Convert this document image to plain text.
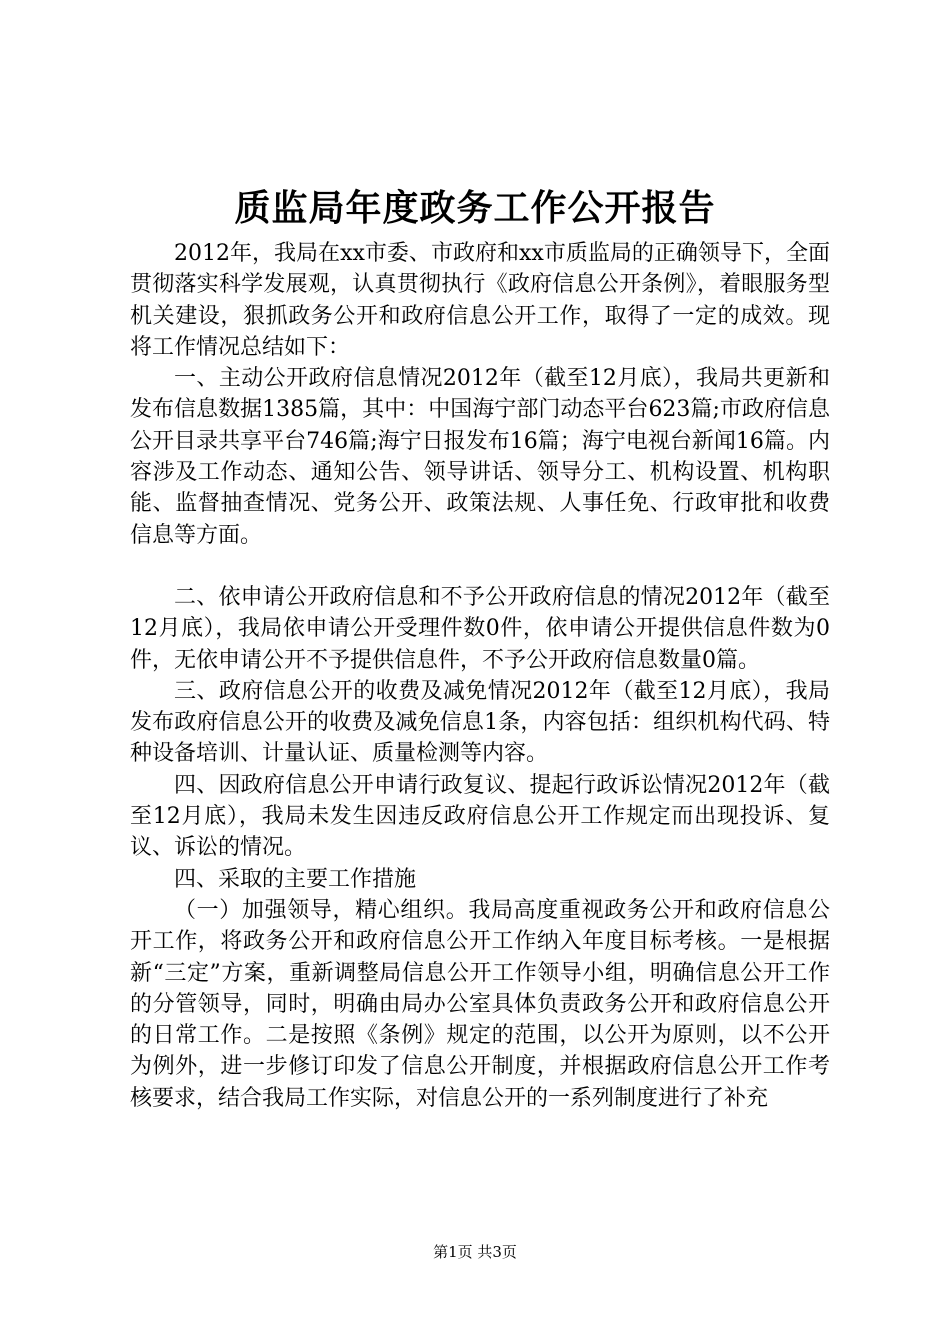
质监局年度政务工作公开报告

2012年，我局在xx市委、市政府和xx市质监局的正确领导下，全面贯彻落实科学发展观，认真贯彻执行《政府信息公开条例》，着眼服务型机关建设，狠抓政务公开和政府信息公开工作，取得了一定的成效。现将工作情况总结如下：

一、主动公开政府信息情况2012年（截至12月底），我局共更新和发布信息数据1385篇，其中：中国海宁部门动态平台623篇;市政府信息公开目录共享平台746篇;海宁日报发布16篇；海宁电视台新闻16篇。内容涉及工作动态、通知公告、领导讲话、领导分工、机构设置、机构职能、监督抽查情况、党务公开、政策法规、人事任免、行政审批和收费信息等方面。

二、依申请公开政府信息和不予公开政府信息的情况2012年（截至12月底），我局依申请公开受理件数0件，依申请公开提供信息件数为0件，无依申请公开不予提供信息件，不予公开政府信息数量0篇。

三、政府信息公开的收费及减免情况2012年（截至12月底），我局发布政府信息公开的收费及减免信息1条，内容包括：组织机构代码、特种设备培训、计量认证、质量检测等内容。

四、因政府信息公开申请行政复议、提起行政诉讼情况2012年（截至12月底），我局未发生因违反政府信息公开工作规定而出现投诉、复议、诉讼的情况。

四、采取的主要工作措施

（一）加强领导，精心组织。我局高度重视政务公开和政府信息公开工作，将政务公开和政府信息公开工作纳入年度目标考核。一是根据新“三定”方案，重新调整局信息公开工作领导小组，明确信息公开工作的分管领导，同时，明确由局办公室具体负责政务公开和政府信息公开的日常工作。二是按照《条例》规定的范围，以公开为原则，以不公开为例外，进一步修订印发了信息公开制度，并根据政府信息公开工作考核要求，结合我局工作实际，对信息公开的一系列制度进行了补充

第1页 共3页
